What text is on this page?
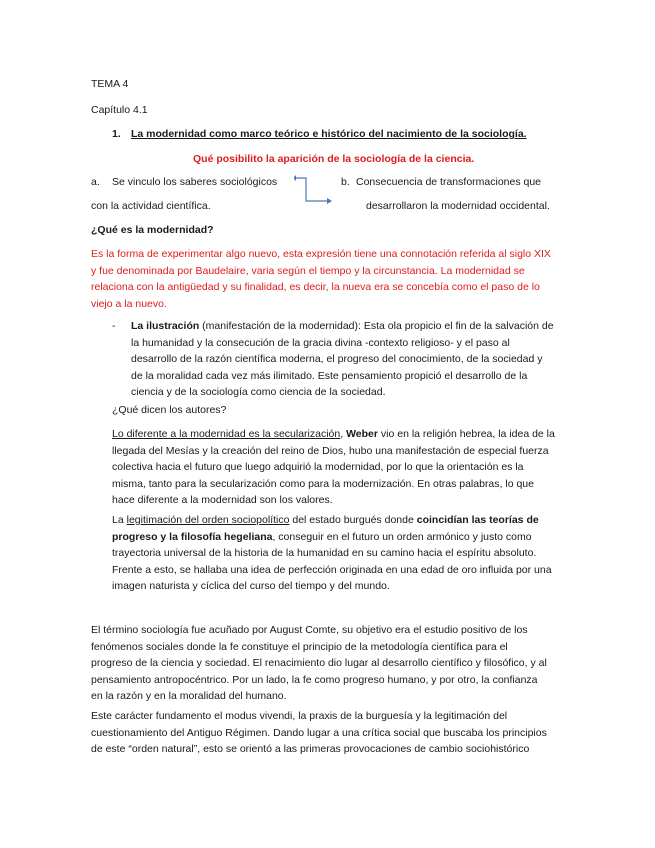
TEMA 4
Capítulo 4.1
1. La modernidad como marco teórico e histórico del nacimiento de la sociología.
Qué posibilito la aparición de la sociología de la ciencia.
a. Se vinculo los saberes sociológicos
con la actividad científica.
b. Consecuencia de transformaciones que
desarrollaron la modernidad occidental.
¿Qué es la modernidad?
Es la forma de experimentar algo nuevo, esta expresión tiene una connotación referida al siglo XIX
y fue denominada por Baudelaire, varia según el tiempo y la circunstancia. La modernidad se
relaciona con la antigüedad y su finalidad, es decir, la nueva era se concebía como el paso de lo
viejo a la nuevo.
- La ilustración (manifestación de la modernidad): Esta ola propicio el fin de la salvación de
la humanidad y la consecución de la gracia divina -contexto religioso- y el paso al
desarrollo de la razón científica moderna, el progreso del conocimiento, de la sociedad y
de la moralidad cada vez más ilimitado. Este pensamiento propició el desarrollo de la
ciencia y de la sociología como ciencia de la sociedad.
¿Qué dicen los autores?
Lo diferente a la modernidad es la secularización, Weber vio en la religión hebrea, la idea de la
llegada del Mesías y la creación del reino de Dios, hubo una manifestación de especial fuerza
colectiva hacia el futuro que luego adquirió la modernidad, por lo que la orientación es la
misma, tanto para la secularización como para la modernización. En otras palabras, lo que
hace diferente a la modernidad son los valores.
La legitimación del orden sociopolítico del estado burgués donde coincidían las teorías de
progreso y la filosofía hegeliana, conseguir en el futuro un orden armónico y justo como
trayectoria universal de la historia de la humanidad en su camino hacia el espíritu absoluto.
Frente a esto, se hallaba una idea de perfección originada en una edad de oro influida por una
imagen naturista y cíclica del curso del tiempo y del mundo.
El término sociología fue acuñado por August Comte, su objetivo era el estudio positivo de los
fenómenos sociales donde la fe constituye el principio de la metodología científica para el
progreso de la ciencia y sociedad. El renacimiento dio lugar al desarrollo científico y filosófico, y al
pensamiento antropocéntrico. Por un lado, la fe como progreso humano, y por otro, la confianza
en la razón y en la moralidad del humano.
Este carácter fundamento el modus vivendi, la praxis de la burguesía y la legitimación del
cuestionamiento del Antiguo Régimen. Dando lugar a una crítica social que buscaba los principios
de este “orden natural”, esto se orientó a las primeras provocaciones de cambio sociohistórico
